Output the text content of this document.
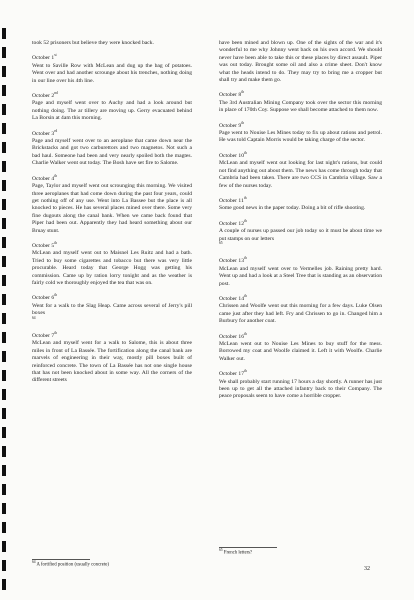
took 52 prisoners but believe they were knocked back.

October 1st
Went to Saville Row with McLean and dug up the bag of potatoes. Went over and had another scrounge about his trenches, nothing doing in our line over his 4th line.

October 2nd
Page and myself went over to Auchy and had a look around but nothing doing. The ar tillery are moving up. Gerry evacuated behind La Borsin at 4am this morning.

October 3rd
Page and myself went over to an aeroplane that came down near the Brickstacks and got two carburettors and two magnetos. Not such a bad haul. Someone had been and very nearly spoiled both the magtes. Charlie Walker went out today. The Bosh have set fire to Salome.

October 4th
Page, Taylor and myself went out scrounging this morning. We visited three aeroplanes that had come down during the past four years, could get nothing off of any use. Went into La Bassee but the place is all knocked to pieces. He has several places mined over there. Some very fine dugouts along the canal bank. When we came back found that Piper had been out. Apparently they had heard something about our Bruay stunt.

October 5th
McLean and myself went out to Maisnel Les Ruitz and had a bath. Tried to buy some cigarettes and tobacco but there was very little procurable. Heard today that George Hogg was getting his commission. Came up by ration lorry tonight and as the weather is fairly cold we thoroughly enjoyed the tea that was on.

October 6th
Went for a walk to the Slag Heap. Came across several of Jerry's pill boxes
$^{64}$

October 7th
McLean and myself went for a walk to Salome, this is about three miles in front of La Bassée. The fortification along the canal bank are marvels of engineering in their way, mostly pill boxes built of reinforced concrete. The town of La Bassée has not one single house that has not been knocked about in some way. All the corners of the different streets

$^{64}$ A fortified position (usually concrete)

have been mined and blown up. One of the sights of the war and it's wonderful to me why Johnny went back on his own accord. We should never have been able to take this or these places by direct assault. Piper was out today. Brought some oil and also a crime sheet. Don't know what the heads intend to do. They may try to bring me a cropper but shall try and make them go.

October 8th
The 3rd Australian Mining Company took over the sector this morning in place of 170th Coy. Suppose we shall become attached to them now.

October 9th
Page went to Nouise Les Mines today to fix up about rations and petrol. He was told Captain Morris would be taking charge of the sector.

October 10th
McLean and myself went out looking for last night's rations, but could not find anything out about them. The news has come through today that Cambria had been taken. There are two CCS in Cambria village. Saw a few of the nurses today.

October 11th
Some good news in the paper today. Doing a bit of rifle shooting.

October 12th
A couple of nurses up passed our job today so it must be about time we put stamps on our letters
$^{65}$

October 13th
McLean and myself went over to Vermelles job. Raining pretty hard. Went up and had a look at a Steel Tree that is standing as an observation post.

October 14th
Chrissen and Woolfe went out this morning for a few days. Luke Olsen came just after they had left. Fry and Chrissen to go in. Changed him a Burbury for another coat.

October 16th
McLean went out to Nouise Les Mines to buy stuff for the mess. Borrowed my coat and Woolfe claimed it. Left it with Woolfe. Charlie Walker out.

October 17th
We shall probably start running 17 hours a day shortly. A runner has just been up to get all the attached infantry back to their Company. The peace proposals seem to have come a horrible cropper.

$^{65}$ French letters?
32
